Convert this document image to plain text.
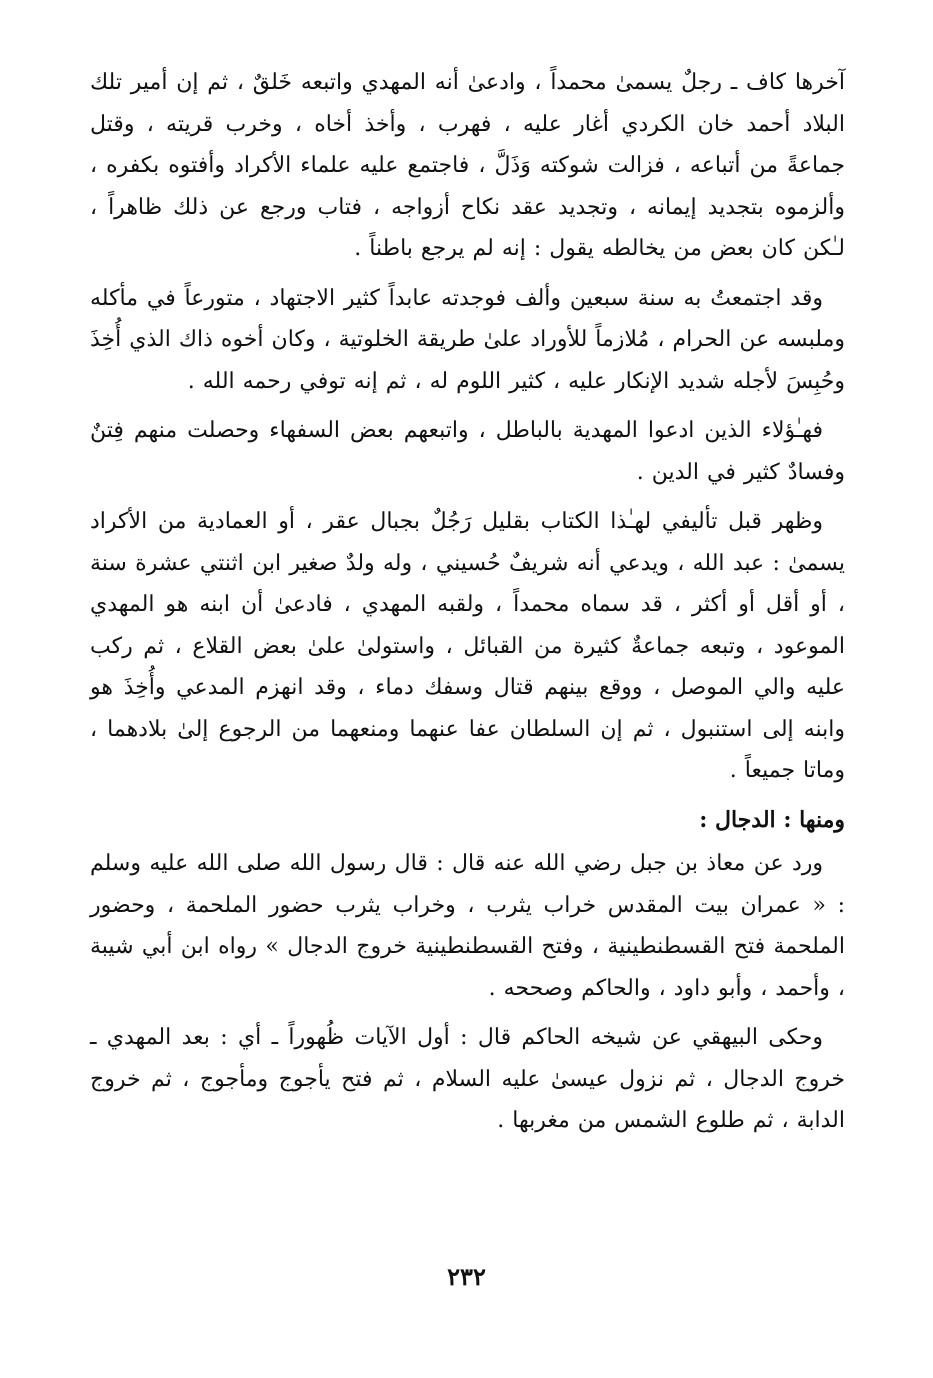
آخرها كاف ـ رجلٌ يسمىٰ محمداً ، وادعىٰ أنه المهدي واتبعه خَلقٌ ، ثم إن أمير تلك البلاد أحمد خان الكردي أغار عليه ، فهرب ، وأخذ أخاه ، وخرب قريته ، وقتل جماعةً من أتباعه ، فزالت شوكته وَذَلَّ ، فاجتمع عليه علماء الأكراد وأفتوه بكفره ، وألزموه بتجديد إيمانه ، وتجديد عقد نكاح أزواجه ، فتاب ورجع عن ذلك ظاهراً ، لـٰكن كان بعض من يخالطه يقول : إنه لم يرجع باطناً .

وقد اجتمعتُ به سنة سبعين وألف فوجدته عابداً كثير الاجتهاد ، متورعاً في مأكله وملبسه عن الحرام ، مُلازماً للأوراد علىٰ طريقة الخلوتية ، وكان أخوه ذاك الذي أُخِذَ وحُبِسَ لأجله شديد الإنكار عليه ، كثير اللوم له ، ثم إنه توفي رحمه الله .

فهـٰؤلاء الذين ادعوا المهدية بالباطل ، واتبعهم بعض السفهاء وحصلت منهم فِتنٌ وفسادٌ كثير في الدين .

وظهر قبل تأليفي لهـٰذا الكتاب بقليل رَجُلٌ بجبال عقر ، أو العمادية من الأكراد يسمىٰ : عبد الله ، ويدعي أنه شريفٌ حُسيني ، وله ولدٌ صغير ابن اثنتي عشرة سنة ، أو أقل أو أكثر ، قد سماه محمداً ، ولقبه المهدي ، فادعىٰ أن ابنه هو المهدي الموعود ، وتبعه جماعةٌ كثيرة من القبائل ، واستولىٰ علىٰ بعض القلاع ، ثم ركب عليه والي الموصل ، ووقع بينهم قتال وسفك دماء ، وقد انهزم المدعي وأُخِذَ هو وابنه إلى استنبول ، ثم إن السلطان عفا عنهما ومنعهما من الرجوع إلىٰ بلادهما ، وماتا جميعاً .

ومنها : الدجال :

ورد عن معاذ بن جبل رضي الله عنه قال : قال رسول الله صلى الله عليه وسلم : « عمران بيت المقدس خراب يثرب ، وخراب يثرب حضور الملحمة ، وحضور الملحمة فتح القسطنطينية ، وفتح القسطنطينية خروج الدجال » رواه ابن أبي شيبة ، وأحمد ، وأبو داود ، والحاكم وصححه .

وحكى البيهقي عن شيخه الحاكم قال : أول الآيات ظُهوراً ـ أي : بعد المهدي ـ خروج الدجال ، ثم نزول عيسىٰ عليه السلام ، ثم فتح يأجوج ومأجوج ، ثم خروج الدابة ، ثم طلوع الشمس من مغربها .

٢٣٢
